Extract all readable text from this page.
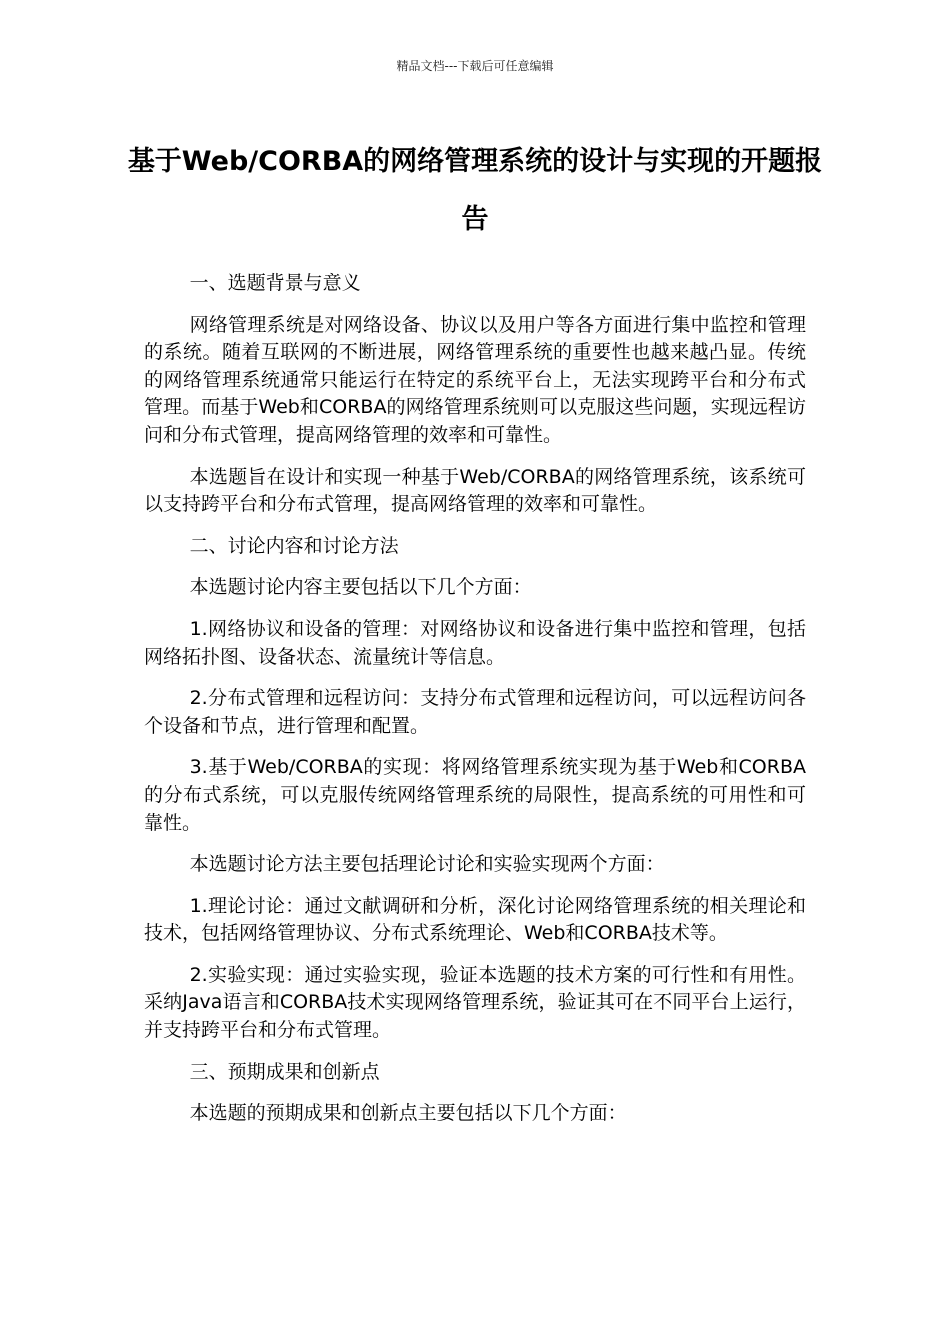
精品文档---下载后可任意编辑
基于Web/CORBA的网络管理系统的设计与实现的开题报告

一、选题背景与意义

网络管理系统是对网络设备、协议以及用户等各方面进行集中监控和管理的系统。随着互联网的不断进展，网络管理系统的重要性也越来越凸显。传统的网络管理系统通常只能运行在特定的系统平台上，无法实现跨平台和分布式管理。而基于Web和CORBA的网络管理系统则可以克服这些问题，实现远程访问和分布式管理，提高网络管理的效率和可靠性。

本选题旨在设计和实现一种基于Web/CORBA的网络管理系统，该系统可以支持跨平台和分布式管理，提高网络管理的效率和可靠性。

二、讨论内容和讨论方法

本选题讨论内容主要包括以下几个方面：

1.网络协议和设备的管理：对网络协议和设备进行集中监控和管理，包括网络拓扑图、设备状态、流量统计等信息。

2.分布式管理和远程访问：支持分布式管理和远程访问，可以远程访问各个设备和节点，进行管理和配置。

3.基于Web/CORBA的实现：将网络管理系统实现为基于Web和CORBA的分布式系统，可以克服传统网络管理系统的局限性，提高系统的可用性和可靠性。

本选题讨论方法主要包括理论讨论和实验实现两个方面：

1.理论讨论：通过文献调研和分析，深化讨论网络管理系统的相关理论和技术，包括网络管理协议、分布式系统理论、Web和CORBA技术等。

2.实验实现：通过实验实现，验证本选题的技术方案的可行性和有用性。采纳Java语言和CORBA技术实现网络管理系统，验证其可在不同平台上运行，并支持跨平台和分布式管理。

三、预期成果和创新点

本选题的预期成果和创新点主要包括以下几个方面：
